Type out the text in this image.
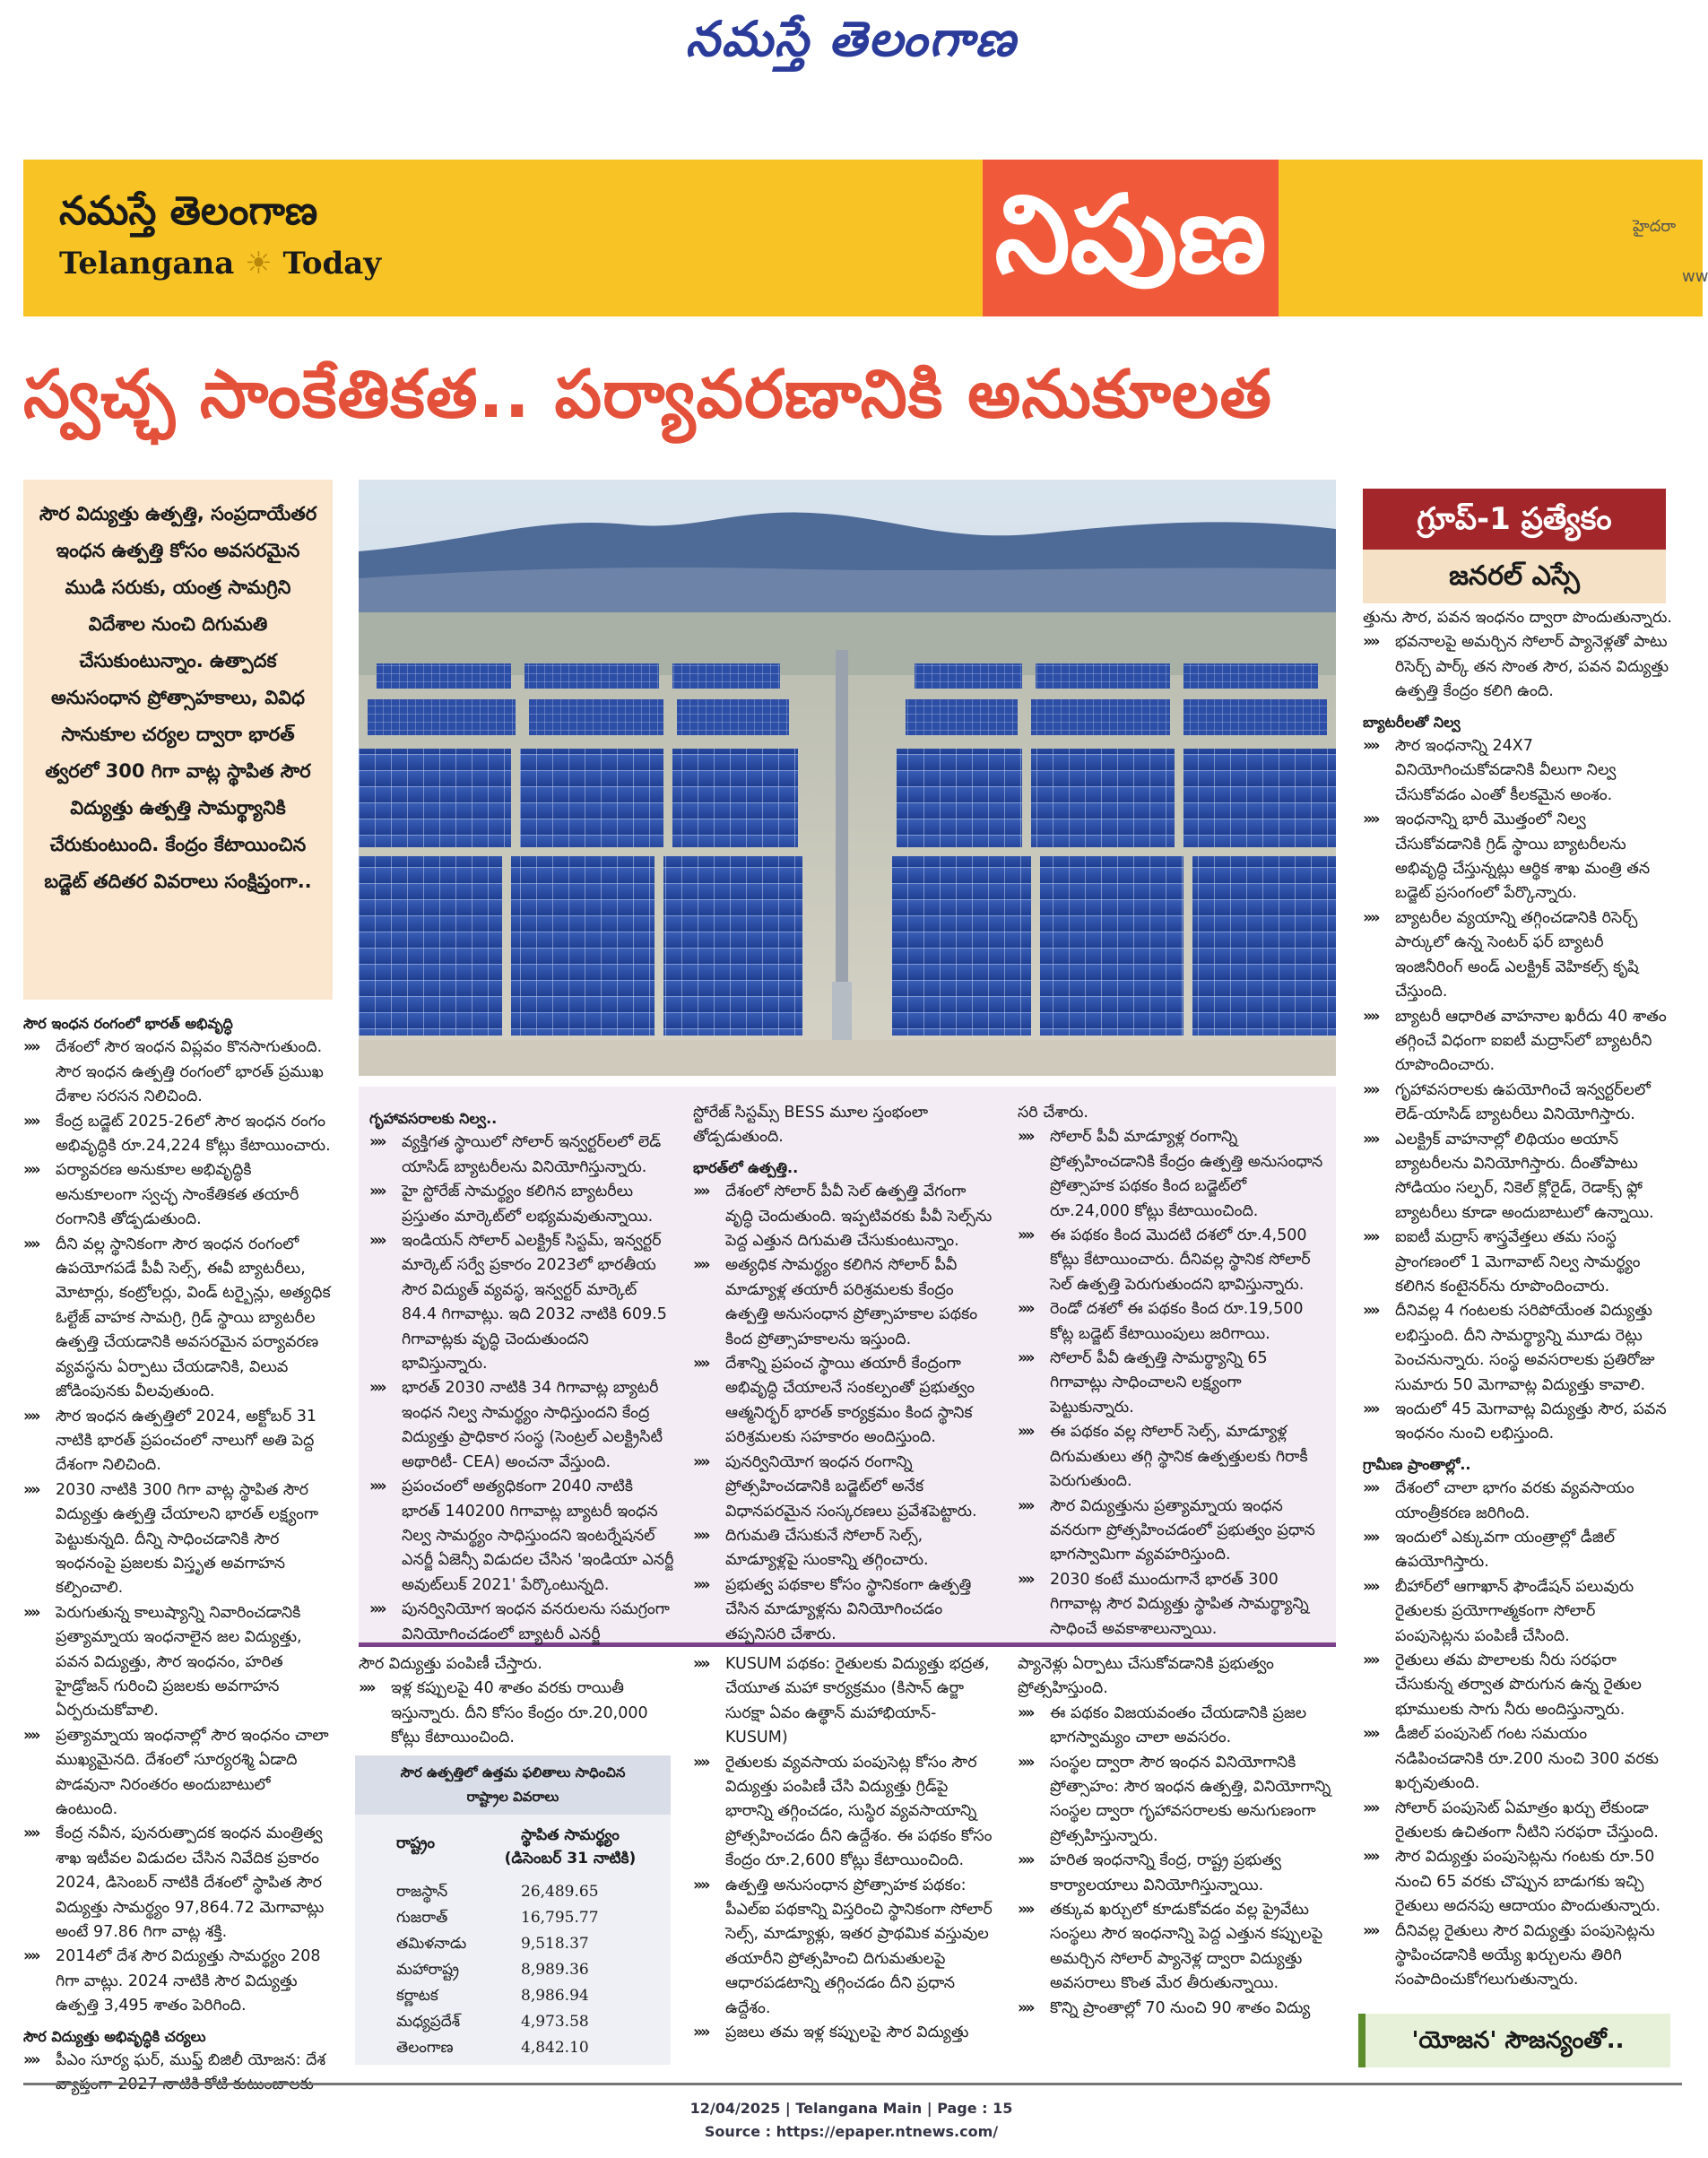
నమస్తే తెలంగాణ
నమస్తే తెలంగాణ
Telangana ☀ Today	నిపుణ	హైదరా
ww
స్వచ్ఛ సాంకేతికత.. పర్యావరణానికి అనుకూలత

సౌర విద్యుత్తు ఉత్పత్తి, సంప్రదాయేతర ఇంధన ఉత్పత్తి కోసం అవసరమైన ముడి సరుకు, యంత్ర సామగ్రిని విదేశాల నుంచి దిగుమతి చేసుకుంటున్నాం. ఉత్పాదక అనుసంధాన ప్రోత్సాహకాలు, వివిధ సానుకూల చర్యల ద్వారా భారత్ త్వరలో 300 గిగా వాట్ల స్థాపిత సౌర విద్యుత్తు ఉత్పత్తి సామర్థ్యానికి చేరుకుంటుంది. కేంద్రం కేటాయించిన బడ్జెట్ తదితర వివరాలు సంక్షిప్తంగా..

గ్రూప్-1 ప్రత్యేకం
జనరల్ ఎస్సే

సౌర ఇంధన రంగంలో భారత్ అభివృద్ధి

»» దేశంలో సౌర ఇంధన విప్లవం కొనసాగుతుంది. సౌర ఇంధన ఉత్పత్తి రంగంలో భారత్ ప్రముఖ దేశాల సరసన నిలిచింది.

»» కేంద్ర బడ్జెట్ 2025-26లో సౌర ఇంధన రంగం అభివృద్ధికి రూ.24,224 కోట్లు కేటాయించారు.

»» పర్యావరణ అనుకూల అభివృద్ధికి అనుకూలంగా స్వచ్ఛ సాంకేతికత తయారీ రంగానికి తోడ్పడుతుంది.

»» దీని వల్ల స్థానికంగా సౌర ఇంధన రంగంలో ఉపయోగపడే పీవీ సెల్స్, ఈవీ బ్యాటరీలు, మోటార్లు, కంట్రోలర్లు, విండ్ టర్బైన్లు, అత్యధిక ఓల్టేజ్ వాహక సామగ్రి, గ్రిడ్ స్థాయి బ్యాటరీల ఉత్పత్తి చేయడానికి అవసరమైన పర్యావరణ వ్యవస్థను ఏర్పాటు చేయడానికి, విలువ జోడింపునకు వీలవుతుంది.

»» సౌర ఇంధన ఉత్పత్తిలో 2024, అక్టోబర్ 31 నాటికి భారత్ ప్రపంచంలో నాలుగో అతి పెద్ద దేశంగా నిలిచింది.

»» 2030 నాటికి 300 గిగా వాట్ల స్థాపిత సౌర విద్యుత్తు ఉత్పత్తి చేయాలని భారత్ లక్ష్యంగా పెట్టుకున్నది. దీన్ని సాధించడానికి సౌర ఇంధనంపై ప్రజలకు విస్తృత అవగాహన కల్పించాలి.

»» పెరుగుతున్న కాలుష్యాన్ని నివారించడానికి ప్రత్యామ్నాయ ఇంధనాలైన జల విద్యుత్తు, పవన విద్యుత్తు, సౌర ఇంధనం, హరిత హైడ్రోజన్ గురించి ప్రజలకు అవగాహన ఏర్పరుచుకోవాలి.

»» ప్రత్యామ్నాయ ఇంధనాల్లో సౌర ఇంధనం చాలా ముఖ్యమైనది. దేశంలో సూర్యరశ్మి ఏడాది పొడవునా నిరంతరం అందుబాటులో ఉంటుంది.

»» కేంద్ర నవీన, పునరుత్పాదక ఇంధన మంత్రిత్వ శాఖ ఇటీవల విడుదల చేసిన నివేదిక ప్రకారం 2024, డిసెంబర్ నాటికి దేశంలో స్థాపిత సౌర విద్యుత్తు సామర్థ్యం 97,864.72 మెగావాట్లు అంటే 97.86 గిగా వాట్ల శక్తి.

»» 2014లో దేశ సౌర విద్యుత్తు సామర్థ్యం 208 గిగా వాట్లు. 2024 నాటికి సౌర విద్యుత్తు ఉత్పత్తి 3,495 శాతం పెరిగింది.

సౌర విద్యుత్తు అభివృద్ధికి చర్యలు

»» పీఎం సూర్య ఘర్, ముఫ్త్ బిజిలీ యోజన: దేశ

గృహావసరాలకు నిల్వ..

»» వ్యక్తిగత స్థాయిలో సోలార్ ఇన్వర్టర్‌లలో లెడ్ యాసిడ్ బ్యాటరీలను వినియోగిస్తున్నారు.

»» హై స్టోరేజ్ సామర్థ్యం కలిగిన బ్యాటరీలు ప్రస్తుతం మార్కెట్‌లో లభ్యమవుతున్నాయి.

»» ఇండియన్ సోలార్ ఎలక్ట్రిక్ సిస్టమ్, ఇన్వర్టర్ మార్కెట్ సర్వే ప్రకారం 2023లో భారతీయ సౌర విద్యుత్ వ్యవస్థ, ఇన్వర్టర్ మార్కెట్ 84.4 గిగావాట్లు. ఇది 2032 నాటికి 609.5 గిగావాట్లకు వృద్ధి చెందుతుందని భావిస్తున్నారు.

»» భారత్ 2030 నాటికి 34 గిగావాట్ల బ్యాటరీ ఇంధన నిల్వ సామర్థ్యం సాధిస్తుందని కేంద్ర విద్యుత్తు ప్రాధికార సంస్థ (సెంట్రల్ ఎలక్ట్రిసిటీ అథారిటీ- CEA) అంచనా వేస్తుంది.

»» ప్రపంచంలో అత్యధికంగా 2040 నాటికి భారత్ 140200 గిగావాట్ల బ్యాటరీ ఇంధన నిల్వ సామర్థ్యం సాధిస్తుందని ఇంటర్నేషనల్ ఎనర్జీ ఏజెన్సీ విడుదల చేసిన 'ఇండియా ఎనర్జీ అవుట్‌లుక్ 2021' పేర్కొంటున్నది.

»» పునర్వినియోగ ఇంధన వనరులను సమగ్రంగా వినియోగించడంలో బ్యాటరీ ఎనర్జీ

స్టోరేజ్ సిస్టమ్స్ BESS మూల స్తంభంలా తోడ్పడుతుంది.

భారత్‌లో ఉత్పత్తి..

»» దేశంలో సోలార్ పీవీ సెల్ ఉత్పత్తి వేగంగా వృద్ధి చెందుతుంది. ఇప్పటివరకు పీవీ సెల్స్‌ను పెద్ద ఎత్తున దిగుమతి చేసుకుంటున్నాం.

»» అత్యధిక సామర్థ్యం కలిగిన సోలార్ పీవీ మాడ్యూళ్ల తయారీ పరిశ్రమలకు కేంద్రం ఉత్పత్తి అనుసంధాన ప్రోత్సాహకాల పథకం కింద ప్రోత్సాహకాలను ఇస్తుంది.

»» దేశాన్ని ప్రపంచ స్థాయి తయారీ కేంద్రంగా అభివృద్ధి చేయాలనే సంకల్పంతో ప్రభుత్వం ఆత్మనిర్భర్ భారత్ కార్యక్రమం కింద స్థానిక పరిశ్రమలకు సహకారం అందిస్తుంది.

»» పునర్వినియోగ ఇంధన రంగాన్ని ప్రోత్సహించడానికి బడ్జెట్‌లో అనేక విధానపరమైన సంస్కరణలు ప్రవేశపెట్టారు.

»» దిగుమతి చేసుకునే సోలార్ సెల్స్, మాడ్యూళ్లపై సుంకాన్ని తగ్గించారు.

»» ప్రభుత్వ పథకాల కోసం స్థానికంగా ఉత్పత్తి చేసిన మాడ్యూళ్లను వినియోగించడం తప్పనిసరి చేశారు.

సరి చేశారు.

»» సోలార్ పీవీ మాడ్యూళ్ల రంగాన్ని ప్రోత్సహించడానికి కేంద్రం ఉత్పత్తి అనుసంధాన ప్రోత్సాహక పథకం కింద బడ్జెట్‌లో రూ.24,000 కోట్లు కేటాయించింది.

»» ఈ పథకం కింద మొదటి దశలో రూ.4,500 కోట్లు కేటాయించారు. దీనివల్ల స్థానిక సోలార్ సెల్ ఉత్పత్తి పెరుగుతుందని భావిస్తున్నారు.

»» రెండో దశలో ఈ పథకం కింద రూ.19,500 కోట్ల బడ్జెట్ కేటాయింపులు జరిగాయి.

»» సోలార్ పీవీ ఉత్పత్తి సామర్థ్యాన్ని 65 గిగావాట్లు సాధించాలని లక్ష్యంగా పెట్టుకున్నారు.

»» ఈ పథకం వల్ల సోలార్ సెల్స్, మాడ్యూళ్ల దిగుమతులు తగ్గి స్థానిక ఉత్పత్తులకు గిరాకీ పెరుగుతుంది.

»» సౌర విద్యుత్తును ప్రత్యామ్నాయ ఇంధన వనరుగా ప్రోత్సహించడంలో ప్రభుత్వం ప్రధాన భాగస్వామిగా వ్యవహరిస్తుంది.

»» 2030 కంటే ముందుగానే భారత్ 300 గిగావాట్ల సౌర విద్యుత్తు స్థాపిత సామర్థ్యాన్ని సాధించే అవకాశాలున్నాయి.

సౌర విద్యుత్తు పంపిణీ చేస్తారు.

»» ఇళ్ల కప్పులపై 40 శాతం వరకు రాయితీ ఇస్తున్నారు. దీని కోసం కేంద్రం రూ.20,000 కోట్లు కేటాయించింది.

»» KUSUM పథకం: రైతులకు విద్యుత్తు భద్రత, చేయూత మహా కార్యక్రమం (కిసాన్ ఉర్జా సురక్షా ఏవం ఉత్థాన్ మహాభియాన్- KUSUM)

»» రైతులకు వ్యవసాయ పంపుసెట్ల కోసం సౌర విద్యుత్తు పంపిణీ చేసి విద్యుత్తు గ్రిడ్‌పై భారాన్ని తగ్గించడం, సుస్థిర వ్యవసాయాన్ని ప్రోత్సహించడం దీని ఉద్దేశం. ఈ పథకం కోసం కేంద్రం రూ.2,600 కోట్లు కేటాయించింది.

»» ఉత్పత్తి అనుసంధాన ప్రోత్సాహక పథకం: పీఎల్ఐ పథకాన్ని విస్తరించి స్థానికంగా సోలార్ సెల్స్, మాడ్యూళ్లు, ఇతర ప్రాథమిక వస్తువుల తయారీని ప్రోత్సహించి దిగుమతులపై ఆధారపడటాన్ని తగ్గించడం దీని ప్రధాన ఉద్దేశం.

»» ప్రజలు తమ ఇళ్ల కప్పులపై సౌర విద్యుత్తు

ప్యానెళ్లు ఏర్పాటు చేసుకోవడానికి ప్రభుత్వం ప్రోత్సహిస్తుంది.

»» ఈ పథకం విజయవంతం చేయడానికి ప్రజల భాగస్వామ్యం చాలా అవసరం.

»» సంస్థల ద్వారా సౌర ఇంధన వినియోగానికి ప్రోత్సాహం: సౌర ఇంధన ఉత్పత్తి, వినియోగాన్ని సంస్థల ద్వారా గృహావసరాలకు అనుగుణంగా ప్రోత్సహిస్తున్నారు.

»» హరిత ఇంధనాన్ని కేంద్ర, రాష్ట్ర ప్రభుత్వ కార్యాలయాలు వినియోగిస్తున్నాయి.

»» తక్కువ ఖర్చులో కూడుకోవడం వల్ల ప్రైవేటు సంస్థలు సౌర ఇంధనాన్ని పెద్ద ఎత్తున కప్పులపై అమర్చిన సోలార్ ప్యానెళ్ల ద్వారా విద్యుత్తు అవసరాలు కొంత మేర తీరుతున్నాయి.

»» కొన్ని ప్రాంతాల్లో 70 నుంచి 90 శాతం విద్యు

త్తును సౌర, పవన ఇంధనం ద్వారా పొందుతున్నారు.

»» భవనాలపై అమర్చిన సోలార్ ప్యానెళ్లతో పాటు రిసెర్చ్ పార్క్ తన సొంత సౌర, పవన విద్యుత్తు ఉత్పత్తి కేంద్రం కలిగి ఉంది.

బ్యాటరీలతో నిల్వ

»» సౌర ఇంధనాన్ని 24X7 వినియోగించుకోవడానికి వీలుగా నిల్వ చేసుకోవడం ఎంతో కీలకమైన అంశం.

»» ఇంధనాన్ని భారీ మొత్తంలో నిల్వ చేసుకోవడానికి గ్రిడ్ స్థాయి బ్యాటరీలను అభివృద్ధి చేస్తున్నట్లు ఆర్థిక శాఖ మంత్రి తన బడ్జెట్ ప్రసంగంలో పేర్కొన్నారు.

»» బ్యాటరీల వ్యయాన్ని తగ్గించడానికి రిసెర్చ్ పార్కులో ఉన్న సెంటర్ ఫర్ బ్యాటరీ ఇంజినీరింగ్ అండ్ ఎలక్ట్రిక్ వెహికల్స్ కృషి చేస్తుంది.

»» బ్యాటరీ ఆధారిత వాహనాల ఖరీదు 40 శాతం తగ్గించే విధంగా ఐఐటీ మద్రాస్‌లో బ్యాటరీని రూపొందించారు.

»» గృహావసరాలకు ఉపయోగించే ఇన్వర్టర్‌లలో లెడ్-యాసిడ్ బ్యాటరీలు వినియోగిస్తారు.

»» ఎలక్ట్రిక్ వాహనాల్లో లిథియం అయాన్ బ్యాటరీలను వినియోగిస్తారు. దీంతోపాటు సోడియం సల్ఫర్, నికెల్ క్లోరైడ్, రెడాక్స్ ఫ్లో బ్యాటరీలు కూడా అందుబాటులో ఉన్నాయి.

»» ఐఐటీ మద్రాస్ శాస్త్రవేత్తలు తమ సంస్థ ప్రాంగణంలో 1 మెగావాట్ నిల్వ సామర్థ్యం కలిగిన కంటైనర్‌ను రూపొందించారు.

»» దీనివల్ల 4 గంటలకు సరిపోయేంత విద్యుత్తు లభిస్తుంది. దీని సామర్థ్యాన్ని మూడు రెట్లు పెంచనున్నారు. సంస్థ అవసరాలకు ప్రతిరోజు సుమారు 50 మెగావాట్ల విద్యుత్తు కావాలి.

»» ఇందులో 45 మెగావాట్ల విద్యుత్తు సౌర, పవన ఇంధనం నుంచి లభిస్తుంది.

గ్రామీణ ప్రాంతాల్లో..

»» దేశంలో చాలా భాగం వరకు వ్యవసాయం యాంత్రీకరణ జరిగింది.

»» ఇందులో ఎక్కువగా యంత్రాల్లో డీజిల్ ఉపయోగిస్తారు.

»» బీహార్‌లో ఆగాఖాన్ ఫౌండేషన్ పలువురు రైతులకు ప్రయోగాత్మకంగా సోలార్ పంపుసెట్లను పంపిణీ చేసింది.

»» రైతులు తమ పొలాలకు నీరు సరఫరా చేసుకున్న తర్వాత పొరుగున ఉన్న రైతుల భూములకు సాగు నీరు అందిస్తున్నారు.

»» డీజిల్ పంపుసెట్ గంట సమయం నడిపించడానికి రూ.200 నుంచి 300 వరకు ఖర్చవుతుంది.

»» సోలార్ పంపుసెట్ ఏమాత్రం ఖర్చు లేకుండా రైతులకు ఉచితంగా నీటిని సరఫరా చేస్తుంది.

»» సౌర విద్యుత్తు పంపుసెట్లను గంటకు రూ.50 నుంచి 65 వరకు చొప్పున బాడుగకు ఇచ్చి రైతులు అదనపు ఆదాయం పొందుతున్నారు.

»» దీనివల్ల రైతులు సౌర విద్యుత్తు పంపుసెట్లను స్థాపించడానికి అయ్యే ఖర్చులను తిరిగి సంపాదించుకోగలుగుతున్నారు.

సౌర ఉత్పత్తిలో ఉత్తమ ఫలితాలు సాధించిన
రాష్ట్రాల వివరాలు
రాష్ట్రం	స్థాపిత సామర్థ్యం
(డిసెంబర్ 31 నాటికి)
రాజస్థాన్	26,489.65
గుజరాత్	16,795.77
తమిళనాడు	9,518.37
మహారాష్ట్ర	8,989.36
కర్ణాటక	8,986.94
మధ్యప్రదేశ్	4,973.58
తెలంగాణ	4,842.10	'యోజన' సౌజన్యంతో..
12/04/2025 | Telangana Main | Page : 15
Source : https://epaper.ntnews.com/
